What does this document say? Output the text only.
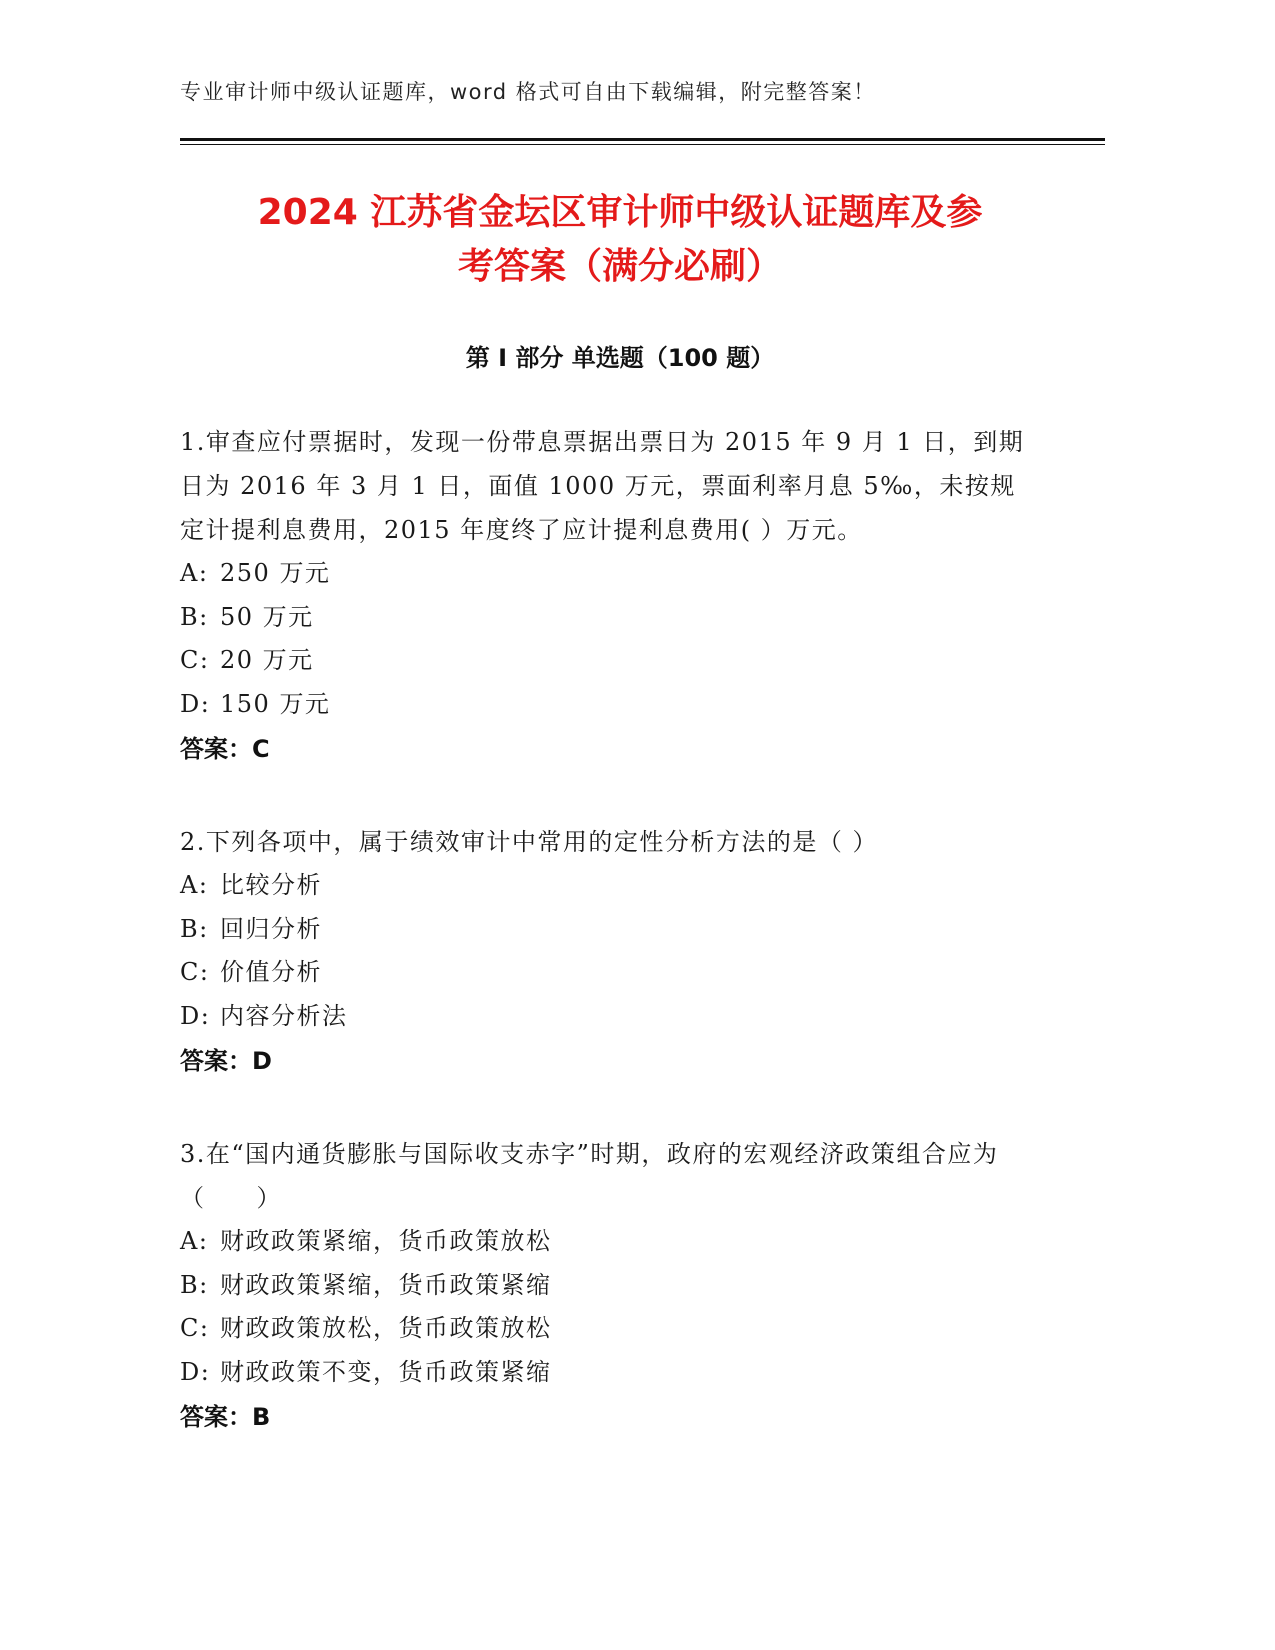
专业审计师中级认证题库，word 格式可自由下载编辑，附完整答案！
2024 江苏省金坛区审计师中级认证题库及参
考答案（满分必刷）
第 I 部分 单选题（100 题）
1.审查应付票据时，发现一份带息票据出票日为 2015 年 9 月 1 日，到期日为 2016 年 3 月 1 日，面值 1000 万元，票面利率月息 5‰，未按规定计提利息费用，2015 年度终了应计提利息费用( ）万元。
A: 250 万元
B: 50 万元
C: 20 万元
D: 150 万元
答案：C
2.下列各项中，属于绩效审计中常用的定性分析方法的是（ ）
A: 比较分析
B: 回归分析
C: 价值分析
D: 内容分析法
答案：D
3.在“国内通货膨胀与国际收支赤字”时期，政府的宏观经济政策组合应为（　　）
A: 财政政策紧缩，货币政策放松
B: 财政政策紧缩，货币政策紧缩
C: 财政政策放松，货币政策放松
D: 财政政策不变，货币政策紧缩
答案：B
